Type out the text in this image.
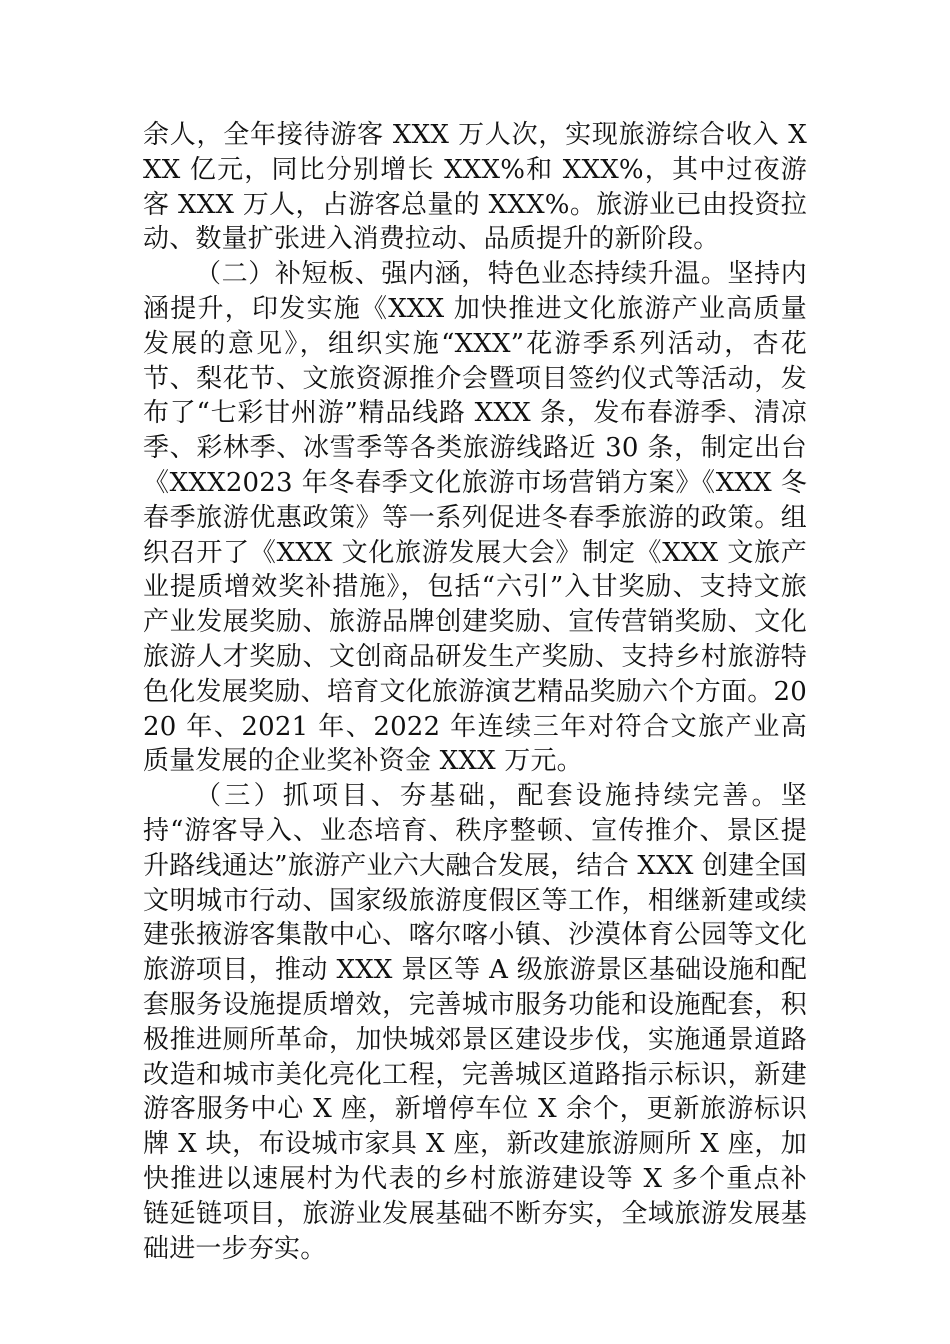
余人，全年接待游客 XXX 万人次，实现旅游综合收入 XXX 亿元，同比分别增长 XXX%和 XXX%，其中过夜游客 XXX 万人，占游客总量的 XXX%。旅游业已由投资拉动、数量扩张进入消费拉动、品质提升的新阶段。

（二）补短板、强内涵，特色业态持续升温。坚持内涵提升，印发实施《XXX 加快推进文化旅游产业高质量发展的意见》，组织实施“XXX”花游季系列活动，杏花节、梨花节、文旅资源推介会暨项目签约仪式等活动，发布了“七彩甘州游”精品线路 XXX 条，发布春游季、清凉季、彩林季、冰雪季等各类旅游线路近 30 条，制定出台《XXX2023 年冬春季文化旅游市场营销方案》《XXX 冬春季旅游优惠政策》等一系列促进冬春季旅游的政策。组织召开了《XXX 文化旅游发展大会》制定《XXX 文旅产业提质增效奖补措施》，包括“六引”入甘奖励、支持文旅产业发展奖励、旅游品牌创建奖励、宣传营销奖励、文化旅游人才奖励、文创商品研发生产奖励、支持乡村旅游特色化发展奖励、培育文化旅游演艺精品奖励六个方面。2020 年、2021 年、2022 年连续三年对符合文旅产业高质量发展的企业奖补资金 XXX 万元。

（三）抓项目、夯基础，配套设施持续完善。坚持“游客导入、业态培育、秩序整顿、宣传推介、景区提升路线通达”旅游产业六大融合发展，结合 XXX 创建全国文明城市行动、国家级旅游度假区等工作，相继新建或续建张掖游客集散中心、喀尔喀小镇、沙漠体育公园等文化旅游项目，推动 XXX 景区等 A 级旅游景区基础设施和配套服务设施提质增效，完善城市服务功能和设施配套，积极推进厕所革命，加快城郊景区建设步伐，实施通景道路改造和城市美化亮化工程，完善城区道路指示标识，新建游客服务中心 X 座，新增停车位 X 余个，更新旅游标识牌 X 块，布设城市家具 X 座，新改建旅游厕所 X 座，加快推进以速展村为代表的乡村旅游建设等 X 多个重点补链延链项目，旅游业发展基础不断夯实，全域旅游发展基础进一步夯实。
